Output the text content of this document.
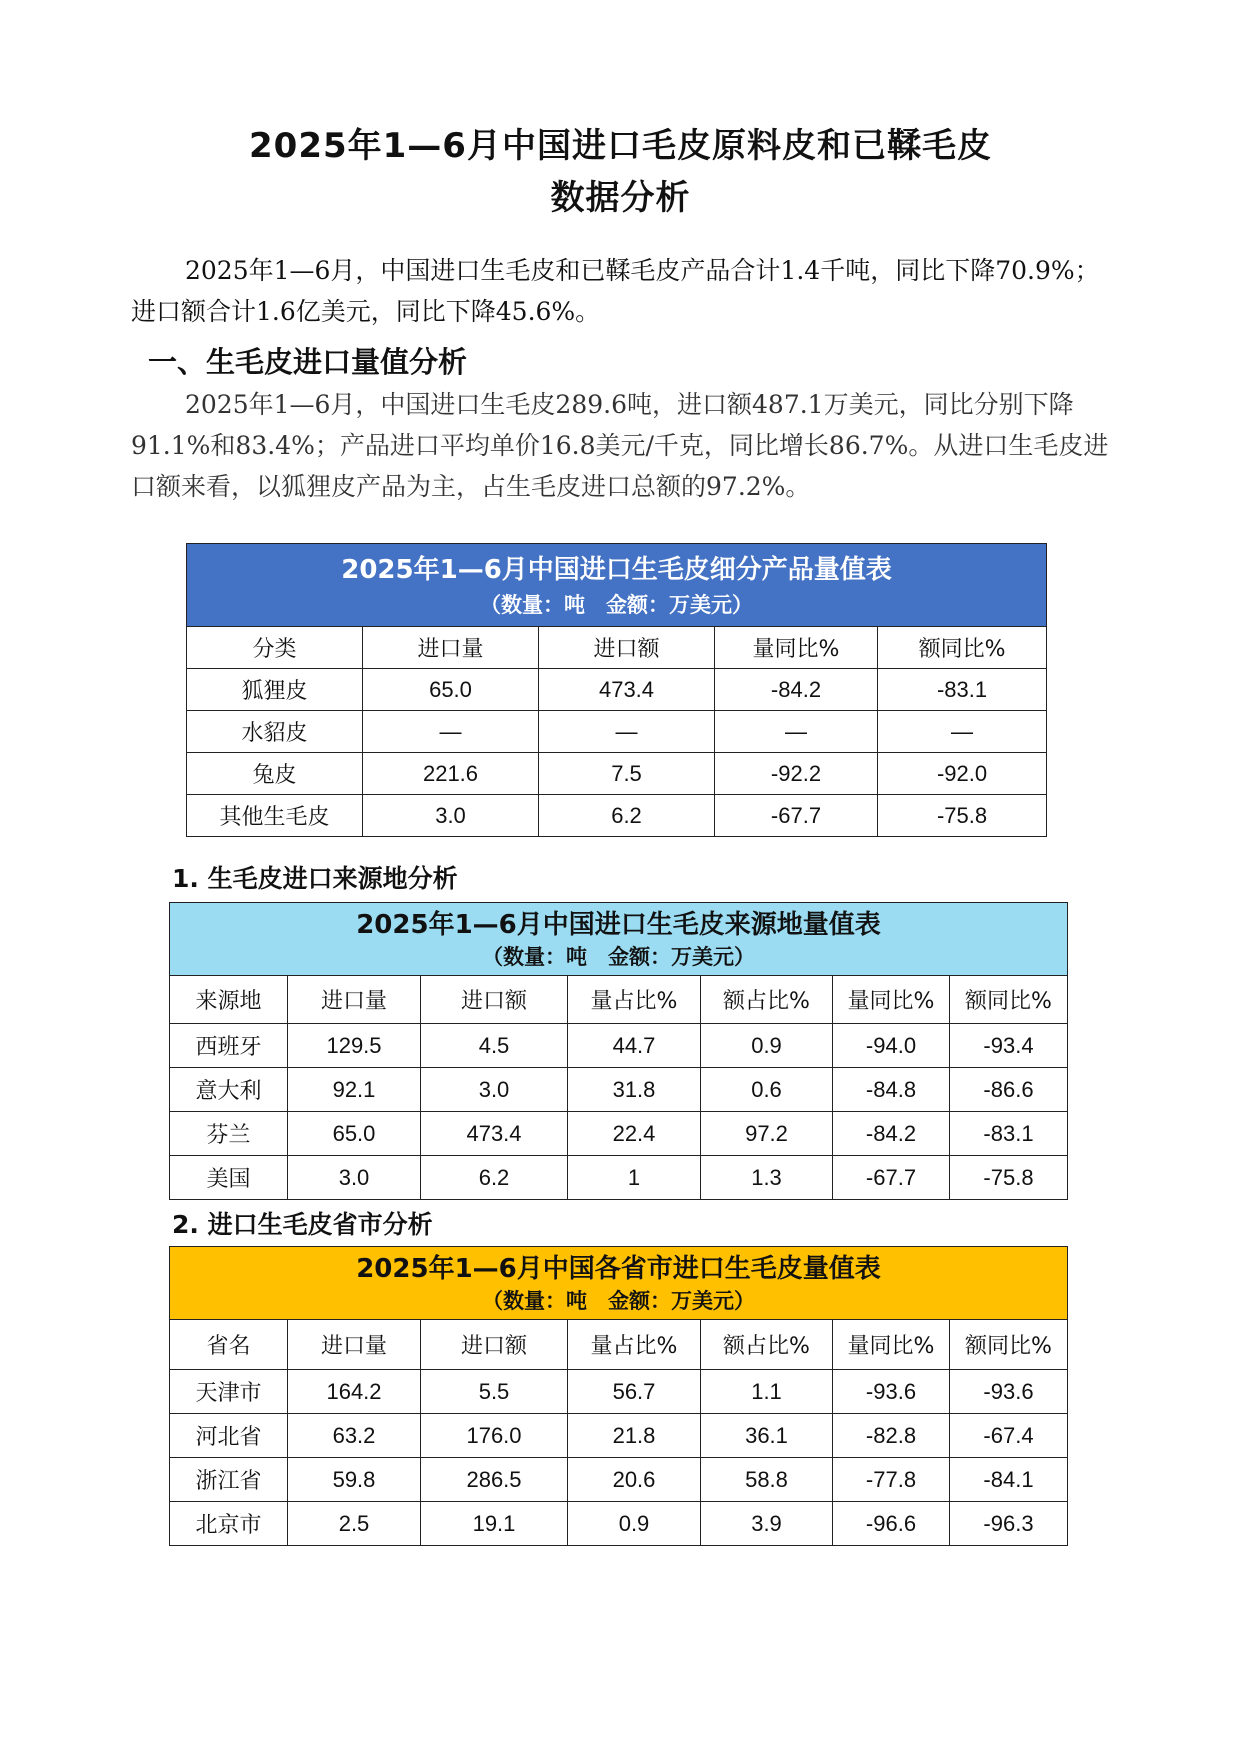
2025年1—6月中国进口毛皮原料皮和已鞣毛皮
数据分析
2025年1—6月，中国进口生毛皮和已鞣毛皮产品合计1.4千吨，同比下降70.9%；进口额合计1.6亿美元，同比下降45.6%。
一、生毛皮进口量值分析
2025年1—6月，中国进口生毛皮289.6吨，进口额487.1万美元，同比分别下降91.1%和83.4%；产品进口平均单价16.8美元/千克，同比增长86.7%。从进口生毛皮进口额来看，以狐狸皮产品为主，占生毛皮进口总额的97.2%。
2025年1—6月中国进口生毛皮细分产品量值表
（数量：吨　金额：万美元）				

分类	进口量	进口额	量同比%	额同比%
狐狸皮	65.0	473.4	-84.2	-83.1
水貂皮	—	—	—	—
兔皮	221.6	7.5	-92.2	-92.0
其他生毛皮	3.0	6.2	-67.7	-75.8
1. 生毛皮进口来源地分析
2025年1—6月中国进口生毛皮来源地量值表
（数量：吨　金额：万美元）						

来源地	进口量	进口额	量占比%	额占比%	量同比%	额同比%
西班牙	129.5	4.5	44.7	0.9	-94.0	-93.4
意大利	92.1	3.0	31.8	0.6	-84.8	-86.6
芬兰	65.0	473.4	22.4	97.2	-84.2	-83.1
美国	3.0	6.2	1	1.3	-67.7	-75.8
2. 进口生毛皮省市分析
2025年1—6月中国各省市进口生毛皮量值表
（数量：吨　金额：万美元）						

省名	进口量	进口额	量占比%	额占比%	量同比%	额同比%
天津市	164.2	5.5	56.7	1.1	-93.6	-93.6
河北省	63.2	176.0	21.8	36.1	-82.8	-67.4
浙江省	59.8	286.5	20.6	58.8	-77.8	-84.1
北京市	2.5	19.1	0.9	3.9	-96.6	-96.3
